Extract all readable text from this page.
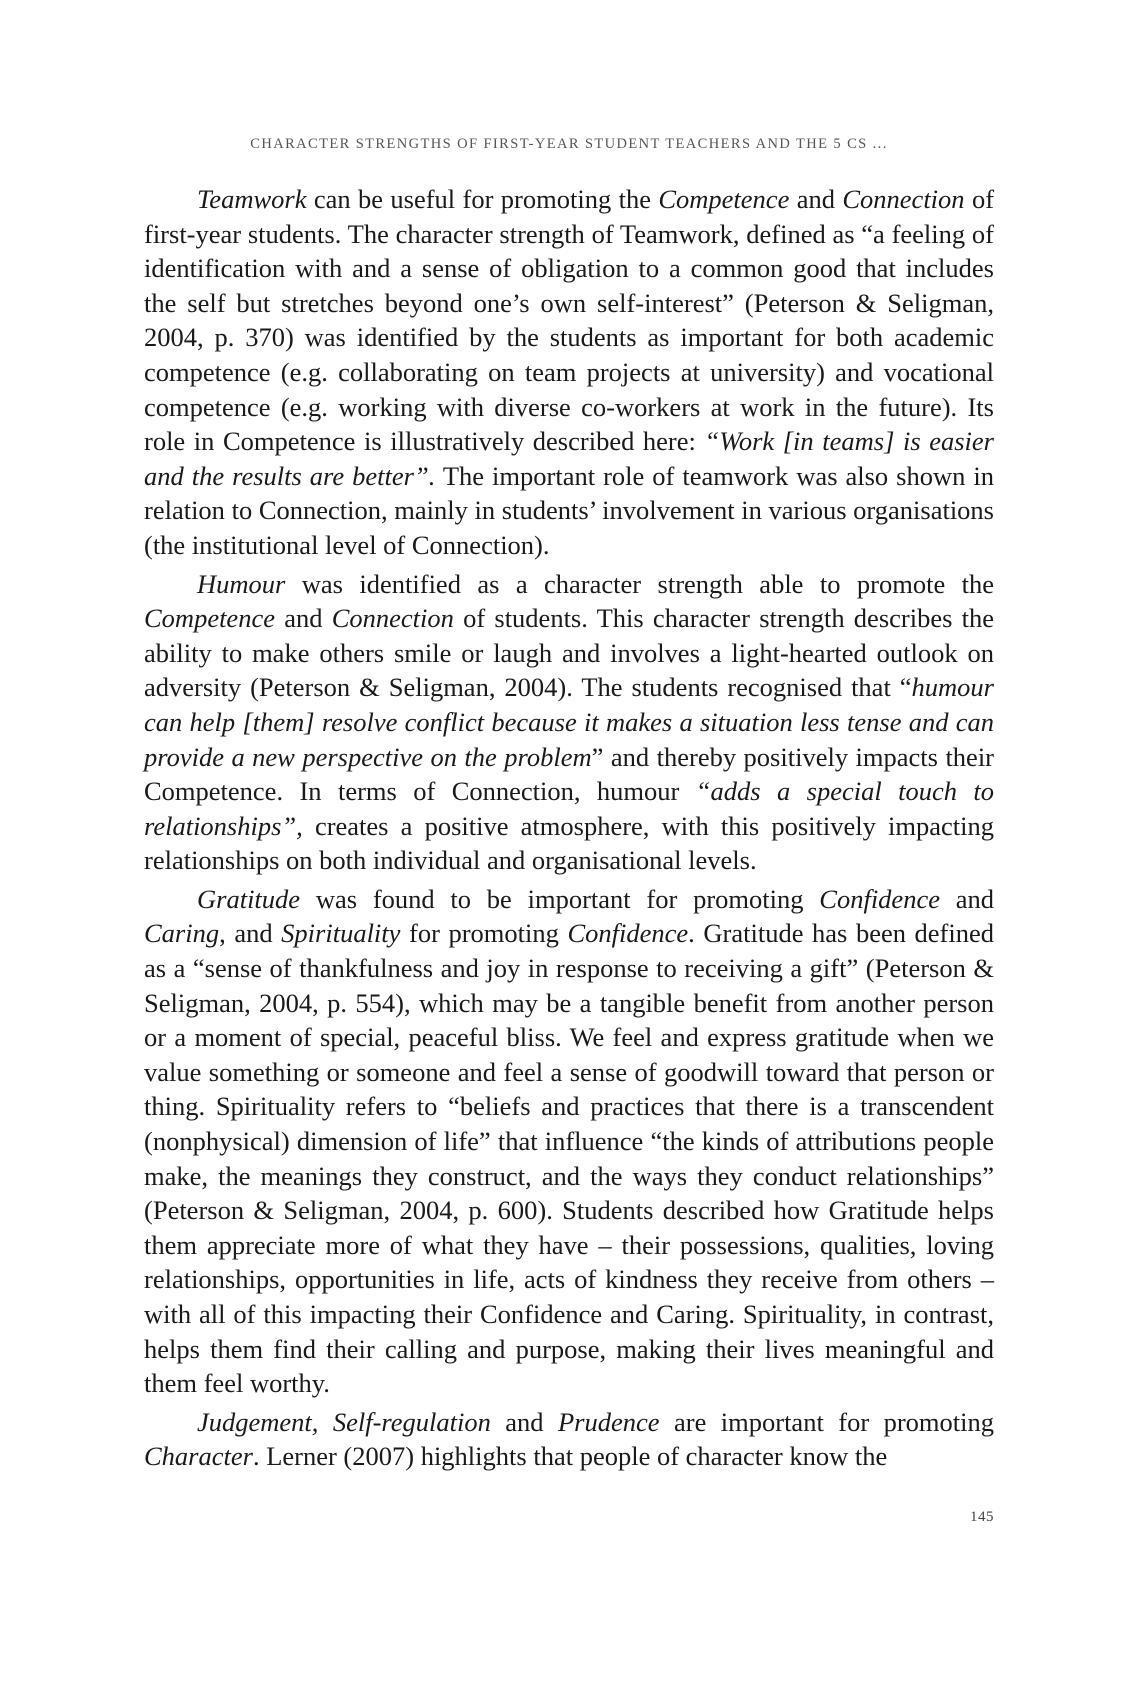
CHARACTER STRENGTHS OF FIRST-YEAR STUDENT TEACHERS AND THE 5 CS ...

Teamwork can be useful for promoting the Competence and Connection of first-year students. The character strength of Teamwork, defined as “a feeling of identification with and a sense of obligation to a common good that includes the self but stretches beyond one’s own self-interest” (Peterson & Seligman, 2004, p. 370) was identified by the students as important for both academic competence (e.g. collaborating on team projects at university) and vocational competence (e.g. working with diverse co-workers at work in the future). Its role in Competence is illustratively described here: “Work [in teams] is easier and the results are better”. The important role of teamwork was also shown in relation to Connection, mainly in students’ involvement in various organisations (the institutional level of Connection).

Humour was identified as a character strength able to promote the Competence and Connection of students. This character strength describes the ability to make others smile or laugh and involves a light-hearted outlook on adversity (Peterson & Seligman, 2004). The students recognised that “humour can help [them] resolve conflict because it makes a situation less tense and can provide a new perspective on the problem” and thereby positively impacts their Competence. In terms of Connection, humour “adds a special touch to relationships”, creates a positive atmosphere, with this positively impacting relationships on both individual and organisational levels.

Gratitude was found to be important for promoting Confidence and Caring, and Spirituality for promoting Confidence. Gratitude has been defined as a “sense of thankfulness and joy in response to receiving a gift” (Peterson & Seligman, 2004, p. 554), which may be a tangible benefit from another person or a moment of special, peaceful bliss. We feel and express gratitude when we value something or someone and feel a sense of goodwill toward that person or thing. Spirituality refers to “beliefs and practices that there is a transcendent (nonphysical) dimension of life” that influence “the kinds of attributions people make, the meanings they construct, and the ways they conduct relationships” (Peterson & Seligman, 2004, p. 600). Students described how Gratitude helps them appreciate more of what they have – their possessions, qualities, loving relationships, opportunities in life, acts of kindness they receive from others – with all of this impacting their Confidence and Caring. Spirituality, in contrast, helps them find their calling and purpose, making their lives meaningful and them feel worthy.

Judgement, Self-regulation and Prudence are important for promoting Character. Lerner (2007) highlights that people of character know the

145
